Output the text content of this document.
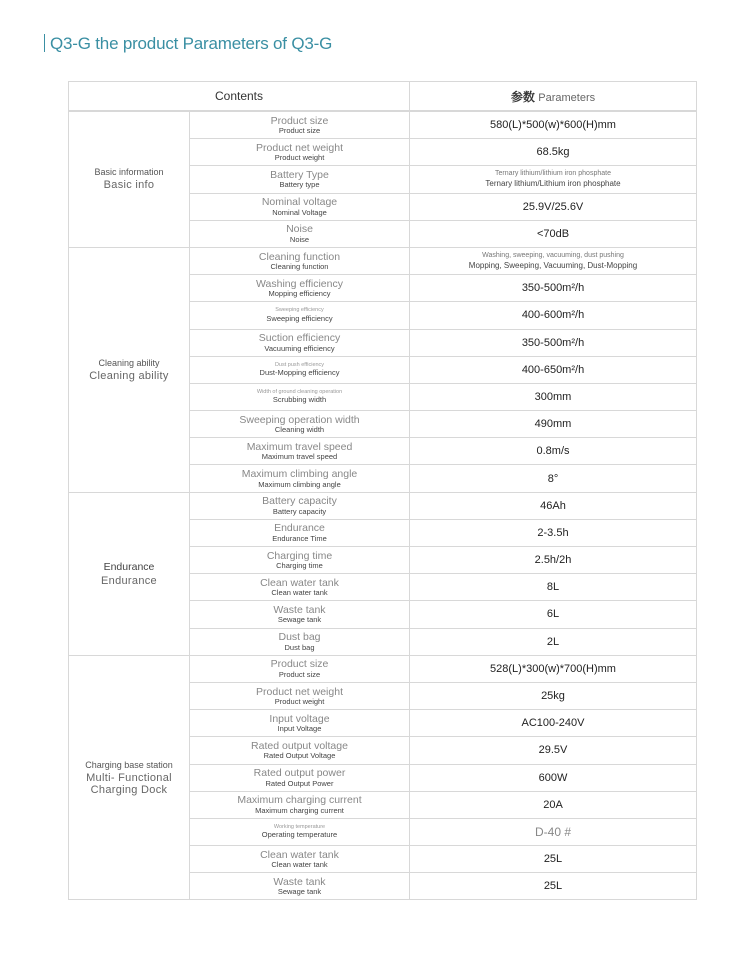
Q3-G the product Parameters of Q3-G
Contents		参数 Parameters

Basic information
Basic info	Product size
Product size	580(L)*500(w)*600(H)mm

	Product net weight
Product weight	68.5kg

	Battery Type
Battery type	Ternary lithium/lithium iron phosphate
Ternary lithium/Lithium iron phosphate

	Nominal voltage
Nominal Voltage	25.9V/25.6V

	Noise
Noise	<70dB

Cleaning ability
Cleaning ability	Cleaning function
Cleaning function	Washing, sweeping, vacuuming, dust pushing
Mopping, Sweeping, Vacuuming, Dust-Mopping

	Washing efficiency
Mopping efficiency	350-500m²/h

	Sweeping efficiency
Sweeping efficiency	400-600m²/h

	Suction efficiency
Vacuuming efficiency	350-500m²/h

	Dust push efficiency
Dust-Mopping efficiency	400-650m²/h

	Width of ground cleaning operation
Scrubbing width	300mm

	Sweeping operation width
Cleaning width	490mm

	Maximum travel speed
Maximum travel speed	0.8m/s

	Maximum climbing angle
Maximum climbing angle	8°

Endurance
Endurance	Battery capacity
Battery capacity	46Ah

	Endurance
Endurance Time	2-3.5h

	Charging time
Charging time	2.5h/2h

	Clean water tank
Clean water tank	8L

	Waste tank
Sewage tank	6L

	Dust bag
Dust bag	2L

Charging base station
Multi- Functional Charging Dock	Product size
Product size	528(L)*300(w)*700(H)mm

	Product net weight
Product weight	25kg

	Input voltage
Input Voltage	AC100-240V

	Rated output voltage
Rated Output Voltage	29.5V

	Rated output power
Rated Output Power	600W

	Maximum charging current
Maximum charging current	20A

	Working temperature
Operating temperature	D-40 #

	Clean water tank
Clean water tank	25L

	Waste tank
Sewage tank	25L
